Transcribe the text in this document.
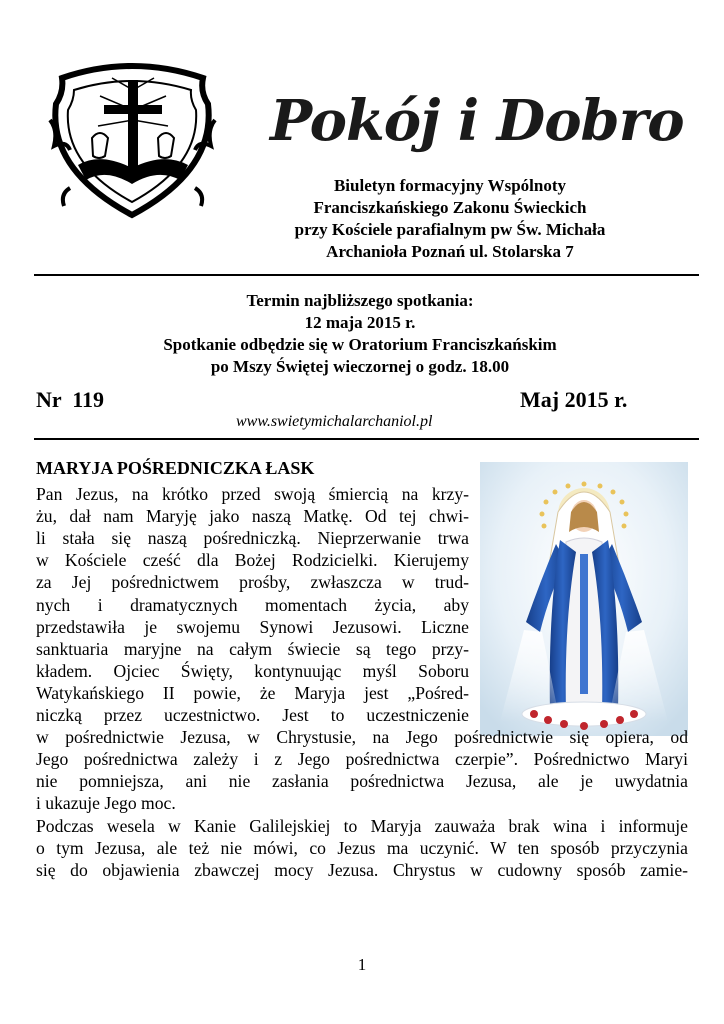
Pokój i Dobro
Biuletyn formacyjny Wspólnoty
Franciszkańskiego Zakonu Świeckich
przy Kościele parafialnym pw Św. Michała
Archanioła Poznań ul. Stolarska 7
Termin najbliższego spotkania:
12 maja 2015 r.
Spotkanie odbędzie się w Oratorium Franciszkańskim
po Mszy Świętej wieczornej o godz. 18.00
Nr  119	Maj 2015 r.
www.swietymichalarchaniol.pl
MARYJA POŚREDNICZKA ŁASK
Pan Jezus, na krótko przed swoją śmiercią na krzy-
żu, dał nam Maryję jako naszą Matkę. Od tej chwi-
li stała się naszą pośredniczką. Nieprzerwanie trwa
w Kościele cześć dla Bożej Rodzicielki. Kierujemy
za Jej pośrednictwem prośby, zwłaszcza w trud-
nych i dramatycznych momentach życia, aby
przedstawiła je swojemu Synowi Jezusowi. Liczne
sanktuaria maryjne na całym świecie są tego przy-
kładem. Ojciec Święty, kontynuując myśl Soboru
Watykańskiego II powie, że Maryja jest „Pośred-
niczką przez uczestnictwo. Jest to uczestniczenie
w pośrednictwie Jezusa, w Chrystusie, na Jego pośrednictwie się opiera, od
Jego pośrednictwa zależy i z Jego pośrednictwa czerpie”. Pośrednictwo Maryi
nie pomniejsza, ani nie zasłania pośrednictwa Jezusa, ale je uwydatnia
i ukazuje Jego moc.
Podczas wesela w Kanie Galilejskiej to Maryja zauważa brak wina i informuje
o tym Jezusa, ale też nie mówi, co Jezus ma uczynić. W ten sposób przyczynia
się do objawienia zbawczej mocy Jezusa. Chrystus w cudowny sposób zamie-
1
